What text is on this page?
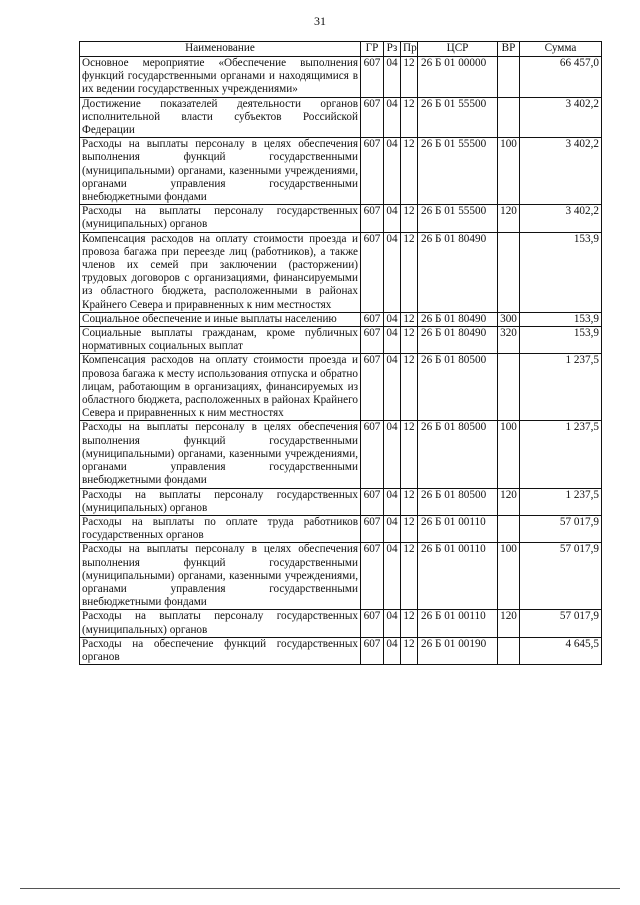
31
Наименование	ГР	Рз	Пр	ЦСР	ВР	Сумма
Основное мероприятие «Обеспечение выполнения функций государственными органами и находящимися в их ведении государственных учреждениями»	607	04	12	26 Б 01 00000		66 457,0
Достижение показателей деятельности органов исполнительной власти субъектов Российской Федерации	607	04	12	26 Б 01 55500		3 402,2
Расходы на выплаты персоналу в целях обеспечения выполнения функций государственными (муниципальными) органами, казенными учреждениями, органами управления государственными внебюджетными фондами	607	04	12	26 Б 01 55500	100	3 402,2
Расходы на выплаты персоналу государственных (муниципальных) органов	607	04	12	26 Б 01 55500	120	3 402,2
Компенсация расходов на оплату стоимости проезда и провоза багажа при переезде лиц (работников), а также членов их семей при заключении (расторжении) трудовых договоров с организациями, финансируемыми из областного бюджета, расположенными в районах Крайнего Севера и приравненных к ним местностях	607	04	12	26 Б 01 80490		153,9
Социальное обеспечение и иные выплаты населению	607	04	12	26 Б 01 80490	300	153,9
Социальные выплаты гражданам, кроме публичных нормативных социальных выплат	607	04	12	26 Б 01 80490	320	153,9
Компенсация расходов на оплату стоимости проезда и провоза багажа к месту использования отпуска и обратно лицам, работающим в организациях, финансируемых из областного бюджета, расположенных в районах Крайнего Севера и приравненных к ним местностях	607	04	12	26 Б 01 80500		1 237,5
Расходы на выплаты персоналу в целях обеспечения выполнения функций государственными (муниципальными) органами, казенными учреждениями, органами управления государственными внебюджетными фондами	607	04	12	26 Б 01 80500	100	1 237,5
Расходы на выплаты персоналу государственных (муниципальных) органов	607	04	12	26 Б 01 80500	120	1 237,5
Расходы на выплаты по оплате труда работников государственных органов	607	04	12	26 Б 01 00110		57 017,9
Расходы на выплаты персоналу в целях обеспечения выполнения функций государственными (муниципальными) органами, казенными учреждениями, органами управления государственными внебюджетными фондами	607	04	12	26 Б 01 00110	100	57 017,9
Расходы на выплаты персоналу государственных (муниципальных) органов	607	04	12	26 Б 01 00110	120	57 017,9
Расходы на обеспечение функций государственных органов	607	04	12	26 Б 01 00190		4 645,5
